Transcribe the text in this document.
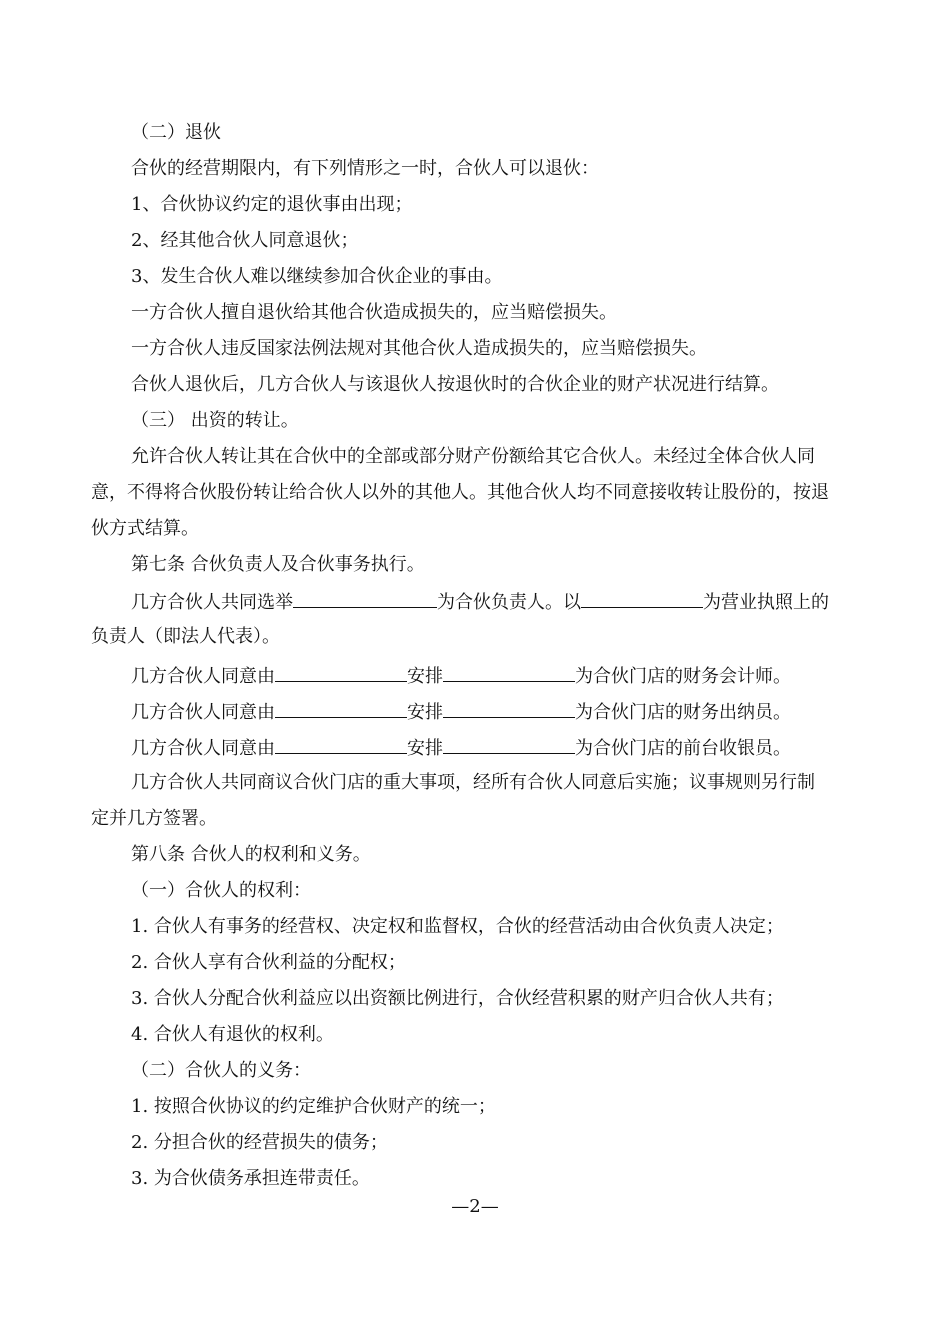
（二）退伙
合伙的经营期限内，有下列情形之一时，合伙人可以退伙：
1、合伙协议约定的退伙事由出现；
2、经其他合伙人同意退伙；
3、发生合伙人难以继续参加合伙企业的事由。
一方合伙人擅自退伙给其他合伙造成损失的，应当赔偿损失。
一方合伙人违反国家法例法规对其他合伙人造成损失的，应当赔偿损失。
合伙人退伙后，几方合伙人与该退伙人按退伙时的合伙企业的财产状况进行结算。
（三） 出资的转让。
允许合伙人转让其在合伙中的全部或部分财产份额给其它合伙人。未经过全体合伙人同
意，不得将合伙股份转让给合伙人以外的其他人。其他合伙人均不同意接收转让股份的，按退
伙方式结算。
第七条 合伙负责人及合伙事务执行。
几方合伙人共同选举	为合伙负责人。以	为营业执照上的
负责人（即法人代表）。
几方合伙人同意由	安排	为合伙门店的财务会计师。
几方合伙人同意由	安排	为合伙门店的财务出纳员。
几方合伙人同意由	安排	为合伙门店的前台收银员。
几方合伙人共同商议合伙门店的重大事项，经所有合伙人同意后实施；议事规则另行制
定并几方签署。
第八条 合伙人的权利和义务。
（一）合伙人的权利：
1. 合伙人有事务的经营权、决定权和监督权，合伙的经营活动由合伙负责人决定；
2. 合伙人享有合伙利益的分配权；
3. 合伙人分配合伙利益应以出资额比例进行，合伙经营积累的财产归合伙人共有；
4. 合伙人有退伙的权利。
（二）合伙人的义务：
1. 按照合伙协议的约定维护合伙财产的统一；
2. 分担合伙的经营损失的债务；
3. 为合伙债务承担连带责任。
—2—
